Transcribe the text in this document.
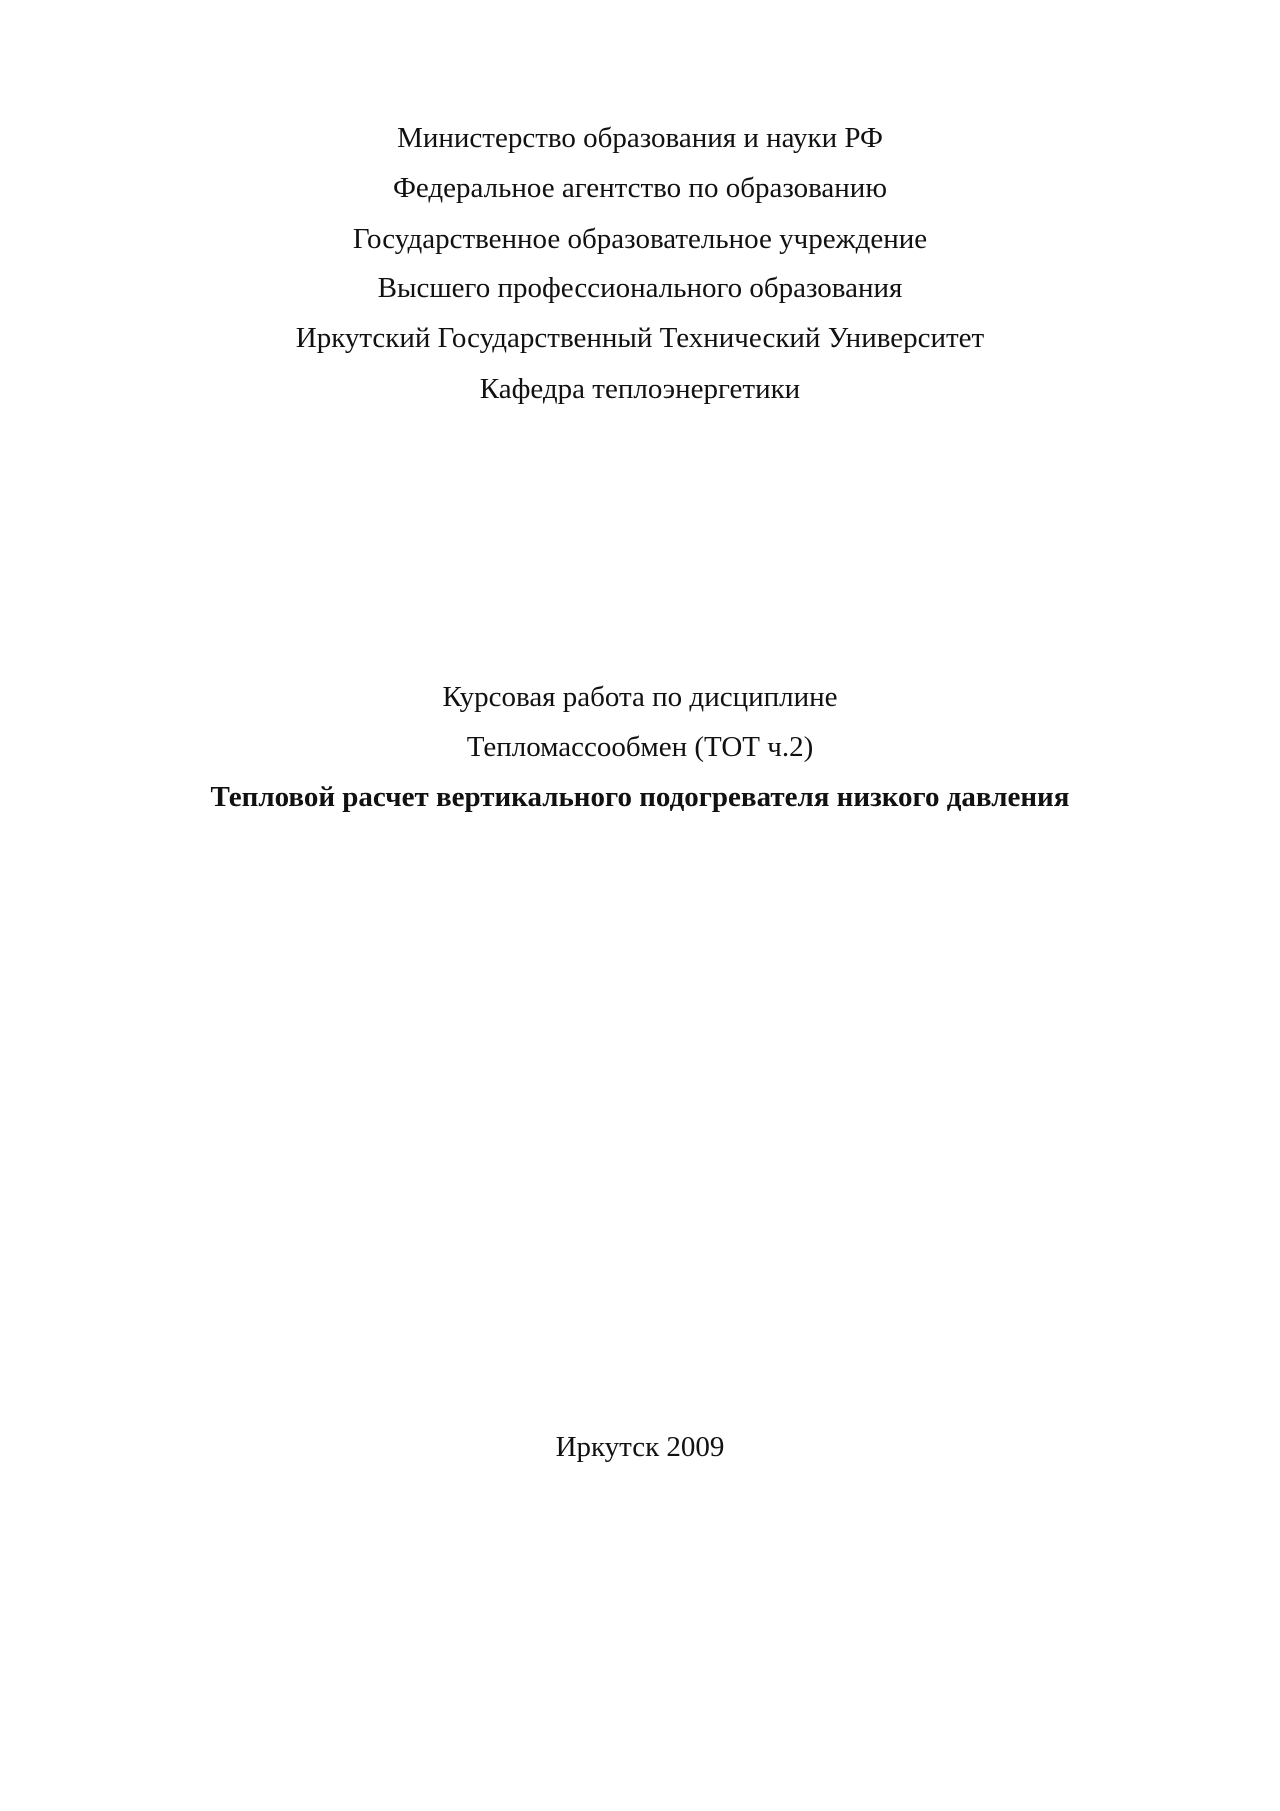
Министерство образования и науки РФ
Федеральное агентство по образованию
Государственное образовательное учреждение
Высшего профессионального образования
Иркутский Государственный Технический Университет
Кафедра теплоэнергетики
Курсовая работа по дисциплине
Тепломассообмен (ТОТ ч.2)
Тепловой расчет вертикального подогревателя низкого давления
Иркутск 2009
